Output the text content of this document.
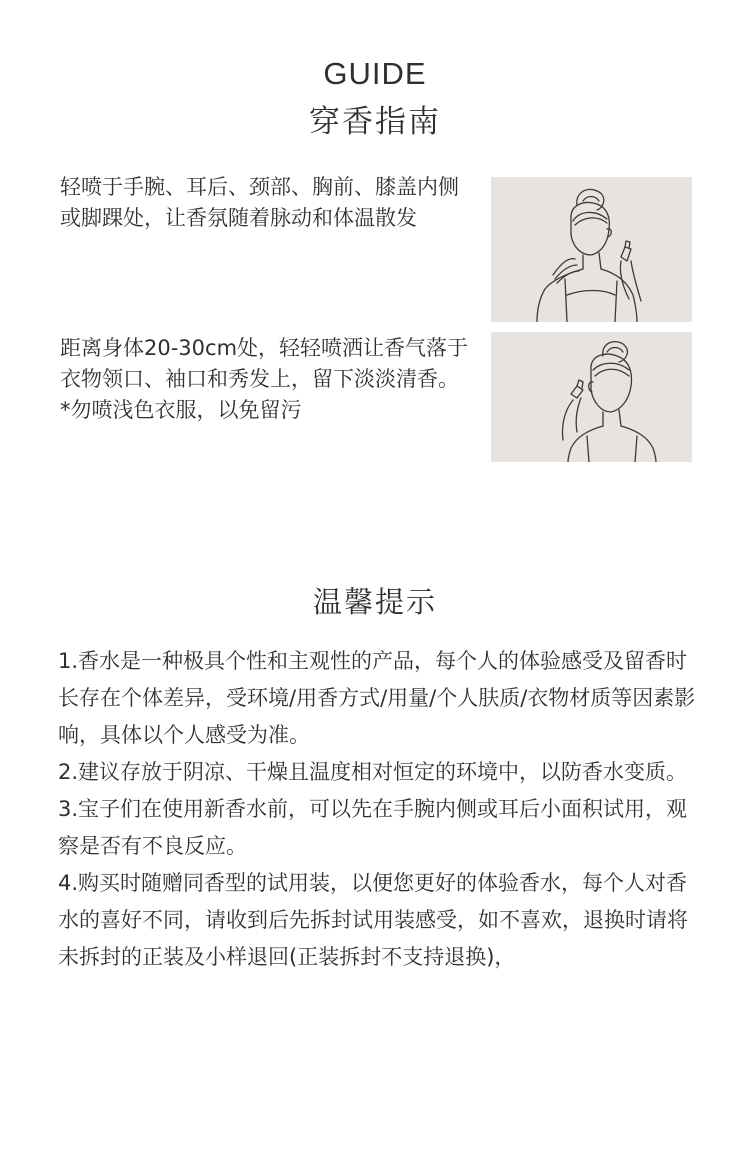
GUIDE
穿香指南

轻喷于手腕、耳后、颈部、胸前、膝盖内侧或脚踝处，让香氛随着脉动和体温散发

距离身体20-30cm处，轻轻喷洒让香气落于衣物领口、袖口和秀发上，留下淡淡清香。

*勿喷浅色衣服，以免留污

温馨提示
1.香水是一种极具个性和主观性的产品，每个人的体验感受及留香时长存在个体差异，受环境/用香方式/用量/个人肤质/衣物材质等因素影响，具体以个人感受为准。
2.建议存放于阴凉、干燥且温度相对恒定的环境中，以防香水变质。
3.宝子们在使用新香水前，可以先在手腕内侧或耳后小面积试用，观察是否有不良反应。
4.购买时随赠同香型的试用装，以便您更好的体验香水，每个人对香水的喜好不同，请收到后先拆封试用装感受，如不喜欢，退换时请将未拆封的正装及小样退回(正装拆封不支持退换)，
